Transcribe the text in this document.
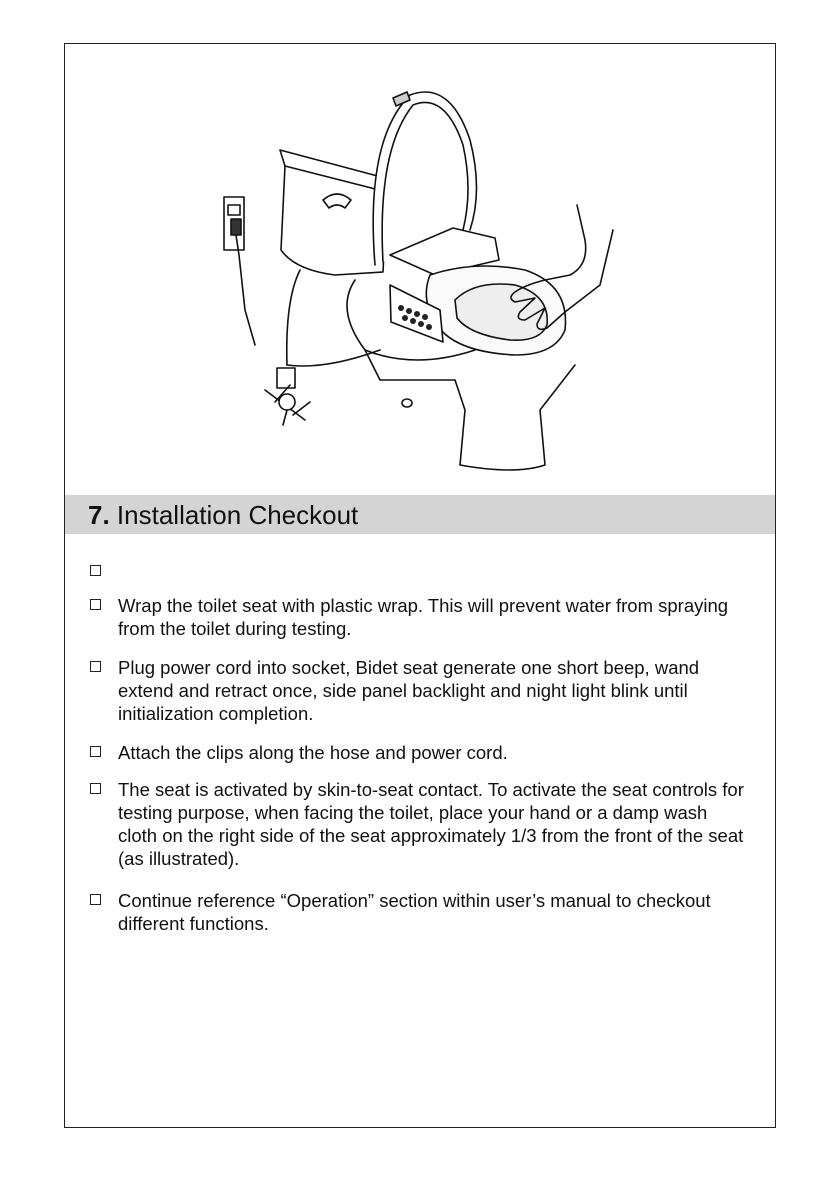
7. Installation Checkout
Wrap the toilet seat with plastic wrap. This will prevent water from spraying from the toilet during testing.
Plug power cord into socket, Bidet seat generate one short beep, wand extend and retract once, side panel backlight and night light blink until initialization completion.
Attach the clips along the hose and power cord.
The seat is activated by skin-to-seat contact. To activate the seat controls for testing purpose, when facing the toilet, place your hand or a damp wash cloth on the right side of the seat approximately 1/3 from the front of the seat (as illustrated).
Continue reference “Operation” section within user’s manual to checkout different functions.
